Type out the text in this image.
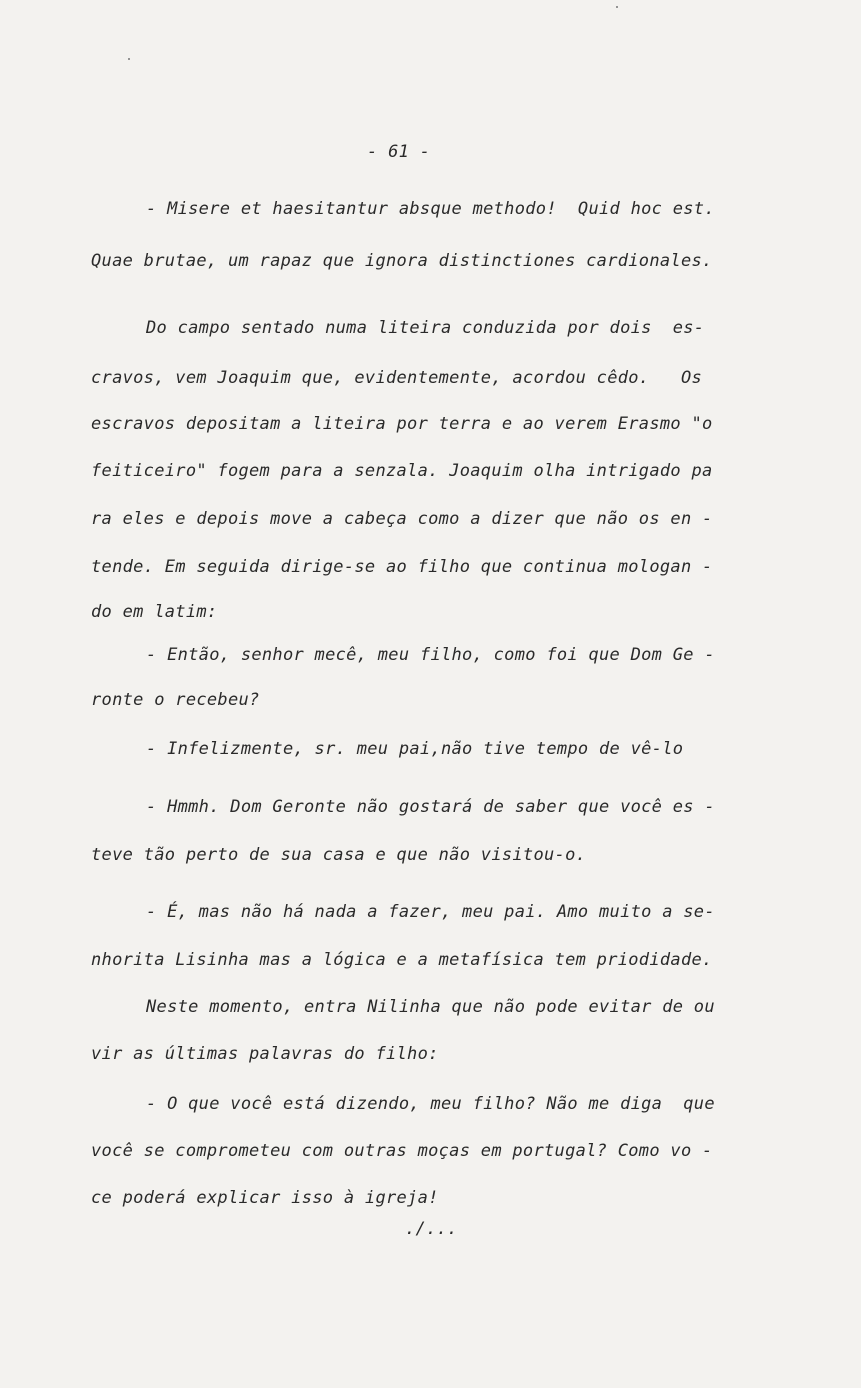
- 61 -
- Misere et haesitantur absque methodo!  Quid hoc est.
Quae brutae, um rapaz que ignora distinctiones cardionales.
Do campo sentado numa liteira conduzida por dois  es-
cravos, vem Joaquim que, evidentemente, acordou cêdo.   Os
escravos depositam a liteira por terra e ao verem Erasmo "o
feiticeiro" fogem para a senzala. Joaquim olha intrigado pa
ra eles e depois move a cabeça como a dizer que não os en -
tende. Em seguida dirige-se ao filho que continua mologan -
do em latim:
- Então, senhor mecê, meu filho, como foi que Dom Ge -
ronte o recebeu?
- Infelizmente, sr. meu pai,não tive tempo de vê-lo
- Hmmh. Dom Geronte não gostará de saber que você es -
teve tão perto de sua casa e que não visitou-o.
- É, mas não há nada a fazer, meu pai. Amo muito a se-
nhorita Lisinha mas a lógica e a metafísica tem priodidade.
Neste momento, entra Nilinha que não pode evitar de ou
vir as últimas palavras do filho:
- O que você está dizendo, meu filho? Não me diga  que
você se comprometeu com outras moças em portugal? Como vo -
ce poderá explicar isso à igreja!
./...
